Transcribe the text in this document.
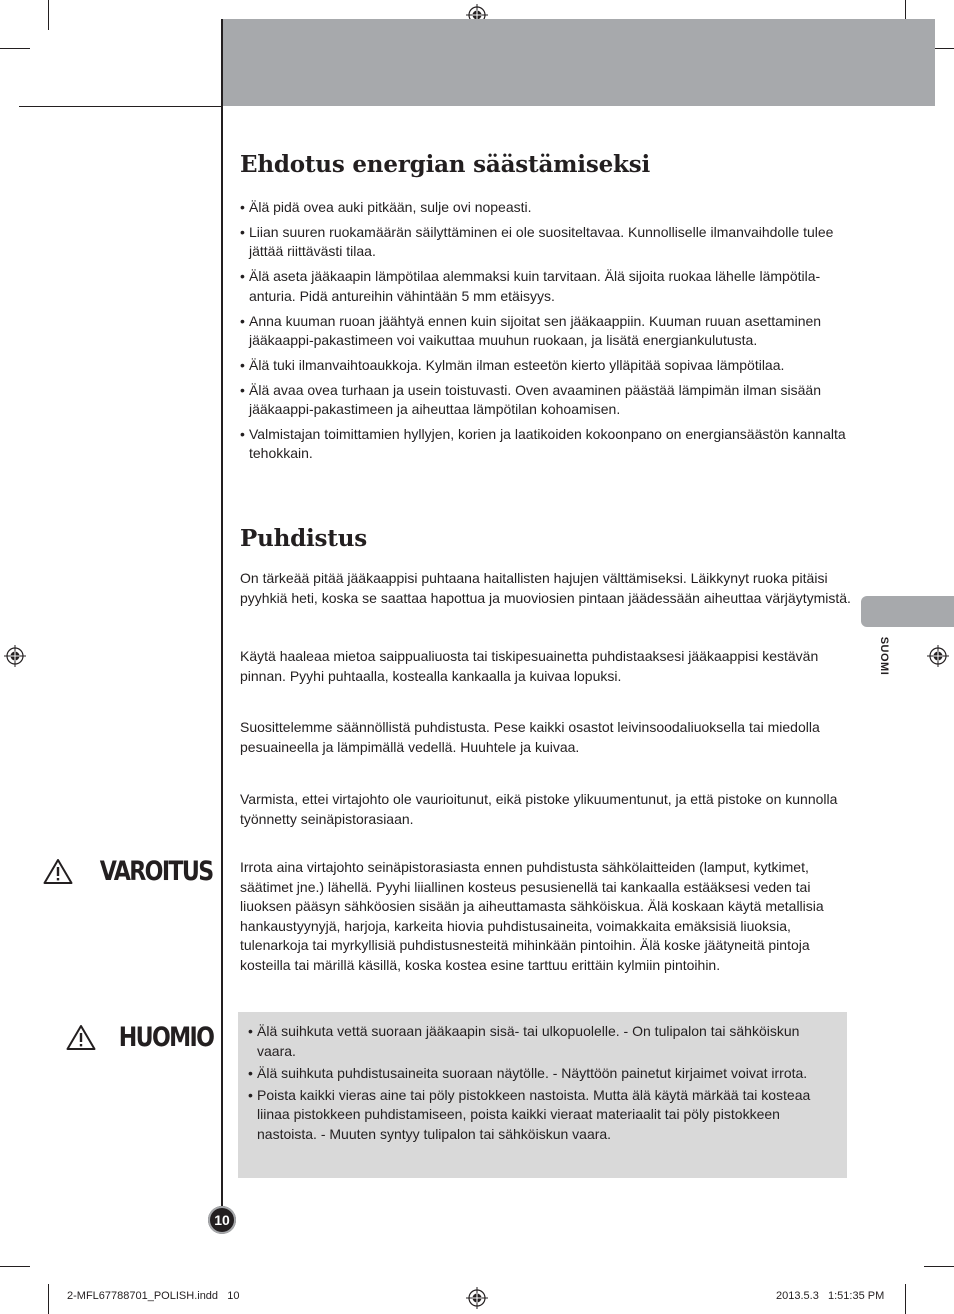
Ehdotus energian säästämiseksi
• Älä pidä ovea auki pitkään, sulje ovi nopeasti.
• Liian suuren ruokamäärän säilyttäminen ei ole suositeltavaa. Kunnolliselle ilmanvaihdolle tulee jättää riittävästi tilaa.
• Älä aseta jääkaapin lämpötilaa alemmaksi kuin tarvitaan. Älä sijoita ruokaa lähelle lämpötila-anturia. Pidä antureihin vähintään 5 mm etäisyys.
• Anna kuuman ruoan jäähtyä ennen kuin sijoitat sen jääkaappiin. Kuuman ruuan asettaminen jääkaappi-pakastimeen voi vaikuttaa muuhun ruokaan, ja lisätä energiankulutusta.
• Älä tuki ilmanvaihtoaukkoja. Kylmän ilman esteetön kierto ylläpitää sopivaa lämpötilaa.
• Älä avaa ovea turhaan ja usein toistuvasti. Oven avaaminen päästää lämpimän ilman sisään jääkaappi-pakastimeen ja aiheuttaa lämpötilan kohoamisen.
• Valmistajan toimittamien hyllyjen, korien ja laatikoiden kokoonpano on energiansäästön kannalta tehokkain.
Puhdistus

On tärkeää pitää jääkaappisi puhtaana haitallisten hajujen välttämiseksi. Läikkynyt ruoka pitäisi pyyhkiä heti, koska se saattaa hapottua ja muoviosien pintaan jäädessään aiheuttaa värjäytymistä.

Käytä haaleaa mietoa saippualiuosta tai tiskipesuainetta puhdistaaksesi jääkaappisi kestävän pinnan. Pyyhi puhtaalla, kostealla kankaalla ja kuivaa lopuksi.

Suosittelemme säännöllistä puhdistusta. Pese kaikki osastot leivinsoodaliuoksella tai miedolla pesuaineella ja lämpimällä vedellä. Huuhtele ja kuivaa.

Varmista, ettei virtajohto ole vaurioitunut, eikä pistoke ylikuumentunut, ja että pistoke on kunnolla työnnetty seinäpistorasiaan.

VAROITUS Irrota aina virtajohto seinäpistorasiasta ennen puhdistusta sähkölaitteiden (lamput, kytkimet, säätimet jne.) lähellä. Pyyhi liiallinen kosteus pesusienellä tai kankaalla estääksesi veden tai liuoksen pääsyn sähköosien sisään ja aiheuttamasta sähköiskua. Älä koskaan käytä metallisia hankaustyynyjä, harjoja, karkeita hiovia puhdistusaineita, voimakkaita emäksisiä liuoksia, tulenarkoja tai myrkyllisiä puhdistusnesteitä mihinkään pintoihin. Älä koske jäätyneitä pintoja kosteilla tai märillä käsillä, koska kostea esine tarttuu erittäin kylmiin pintoihin.

HUOMIO
•	Älä suihkuta vettä suoraan jääkaapin sisä- tai ulkopuolelle. - On tulipalon tai sähköiskun vaara.
• Älä suihkuta puhdistusaineita suoraan näytölle. - Näyttöön painetut kirjaimet voivat irrota.
• Poista kaikki vieras aine tai pöly pistokkeen nastoista. Mutta älä käytä märkää tai kosteaa liinaa pistokkeen puhdistamiseen, poista kaikki vieraat materiaalit tai pöly pistokkeen nastoista. - Muuten syntyy tulipalon tai sähköiskun vaara.
SUOMI
10
2-MFL67788701_POLISH.indd   10	2013.5.3   1:51:35 PM
